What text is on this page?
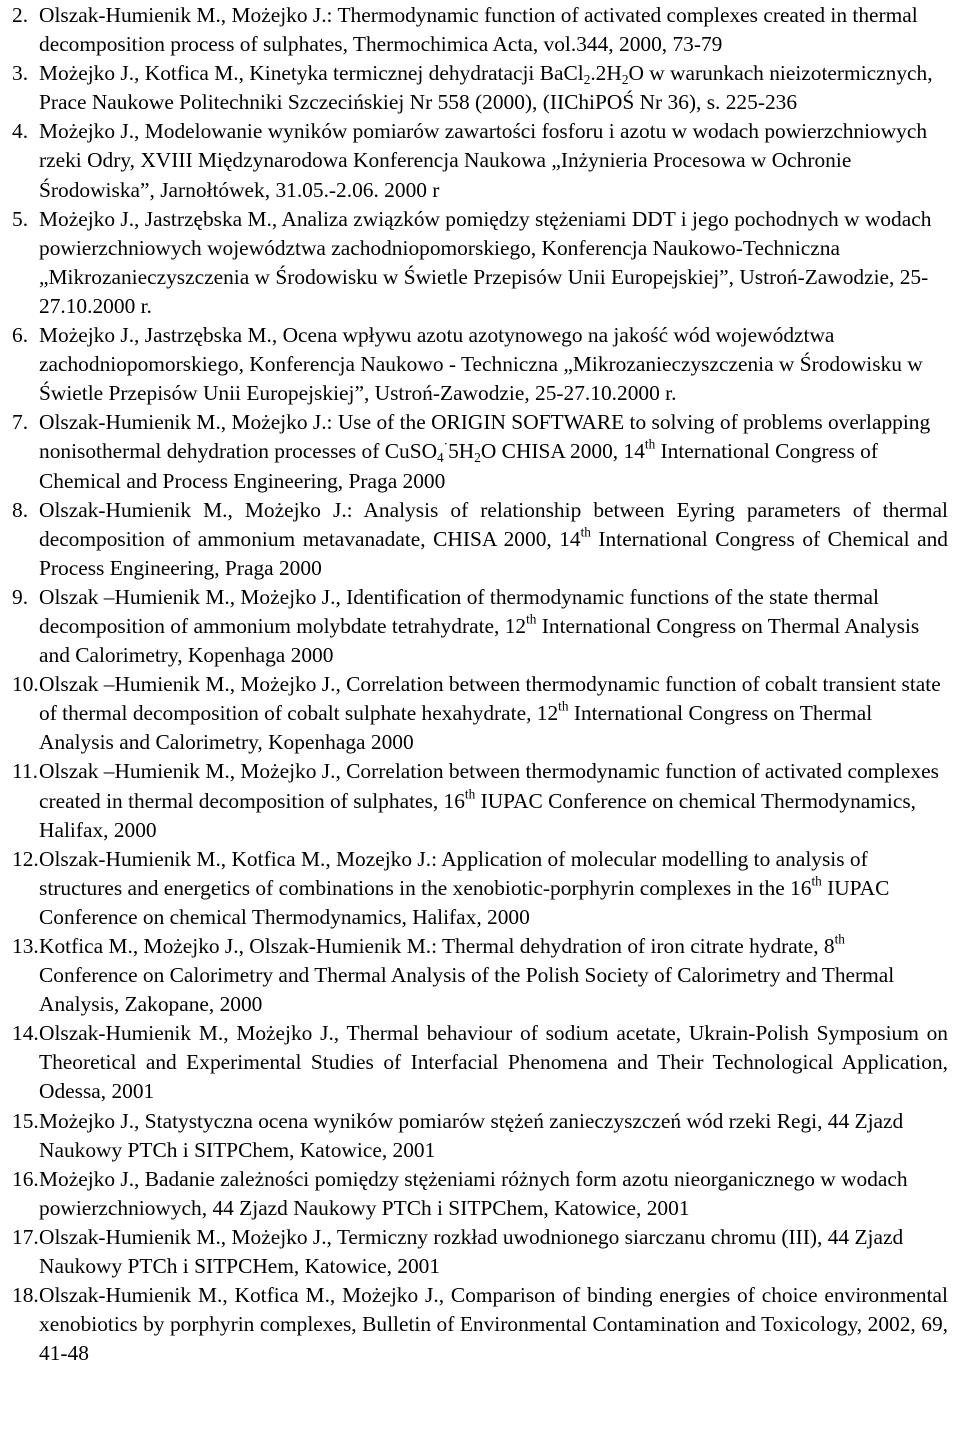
2. Olszak-Humienik M., Możejko J.: Thermodynamic function of activated complexes created in thermal decomposition process of sulphates, Thermochimica Acta, vol.344, 2000, 73-79
3. Możejko J., Kotfica M., Kinetyka termicznej dehydratacji $BaCl_2.2H_2O$ w warunkach nieizotermicznych, Prace Naukowe Politechniki Szczecińskiej Nr 558 (2000), (IIChiPOŚ Nr 36), s. 225-236
4. Możejko J., Modelowanie wyników pomiarów zawartości fosforu i azotu w wodach powierzchniowych rzeki Odry, XVIII Międzynarodowa Konferencja Naukowa „Inżynieria Procesowa w Ochronie Środowiska”, Jarnołtówek, 31.05.-2.06. 2000 r
5. Możejko J., Jastrzębska M., Analiza związków pomiędzy stężeniami DDT i jego pochodnych w wodach powierzchniowych województwa zachodniopomorskiego, Konferencja Naukowo-Techniczna „Mikrozanieczyszczenia w Środowisku w Świetle Przepisów Unii Europejskiej”, Ustroń-Zawodzie, 25-27.10.2000 r.
6. Możejko J., Jastrzębska M., Ocena wpływu azotu azotynowego na jakość wód województwa zachodniopomorskiego, Konferencja Naukowo - Techniczna „Mikrozanieczyszczenia w Środowisku w Świetle Przepisów Unii Europejskiej”, Ustroń-Zawodzie, 25-27.10.2000 r.
7. Olszak-Humienik M., Możejko J.: Use of the ORIGIN SOFTWARE to solving of problems overlapping nonisothermal dehydration processes of $CuSO_4^\cdot 5H_2O$ CHISA 2000, 14th International Congress of Chemical and Process Engineering, Praga 2000
8. Olszak-Humienik M., Możejko J.: Analysis of relationship between Eyring parameters of thermal decomposition of ammonium metavanadate, CHISA 2000, 14th International Congress of Chemical and Process Engineering, Praga 2000
9. Olszak –Humienik M., Możejko J., Identification of thermodynamic functions of the state thermal decomposition of ammonium molybdate tetrahydrate, 12th International Congress on Thermal Analysis and Calorimetry, Kopenhaga 2000
10. Olszak –Humienik M., Możejko J., Correlation between thermodynamic function of cobalt transient state of thermal decomposition of cobalt sulphate hexahydrate, 12th International Congress on Thermal Analysis and Calorimetry, Kopenhaga 2000
11. Olszak –Humienik M., Możejko J., Correlation between thermodynamic function of activated complexes created in thermal decomposition of sulphates, 16th IUPAC Conference on chemical Thermodynamics, Halifax, 2000
12. Olszak-Humienik M., Kotfica M., Mozejko J.: Application of molecular modelling to analysis of structures and energetics of combinations in the xenobiotic-porphyrin complexes in the 16th IUPAC Conference on chemical Thermodynamics, Halifax, 2000
13. Kotfica M., Możejko J., Olszak-Humienik M.: Thermal dehydration of iron citrate hydrate, 8th Conference on Calorimetry and Thermal Analysis of the Polish Society of Calorimetry and Thermal Analysis, Zakopane, 2000
14. Olszak-Humienik M., Możejko J., Thermal behaviour of sodium acetate, Ukrain-Polish Symposium on Theoretical and Experimental Studies of Interfacial Phenomena and Their Technological Application, Odessa, 2001
15. Możejko J., Statystyczna ocena wyników pomiarów stężeń zanieczyszczeń wód rzeki Regi, 44 Zjazd Naukowy PTCh i SITPChem, Katowice, 2001
16. Możejko J., Badanie zależności pomiędzy stężeniami różnych form azotu nieorganicznego w wodach powierzchniowych, 44 Zjazd Naukowy PTCh i SITPChem, Katowice, 2001
17. Olszak-Humienik M., Możejko J., Termiczny rozkład uwodnionego siarczanu chromu (III), 44 Zjazd Naukowy PTCh i SITPCHem, Katowice, 2001
18. Olszak-Humienik M., Kotfica M., Możejko J., Comparison of binding energies of choice environmental xenobiotics by porphyrin complexes, Bulletin of Environmental Contamination and Toxicology, 2002, 69, 41-48
